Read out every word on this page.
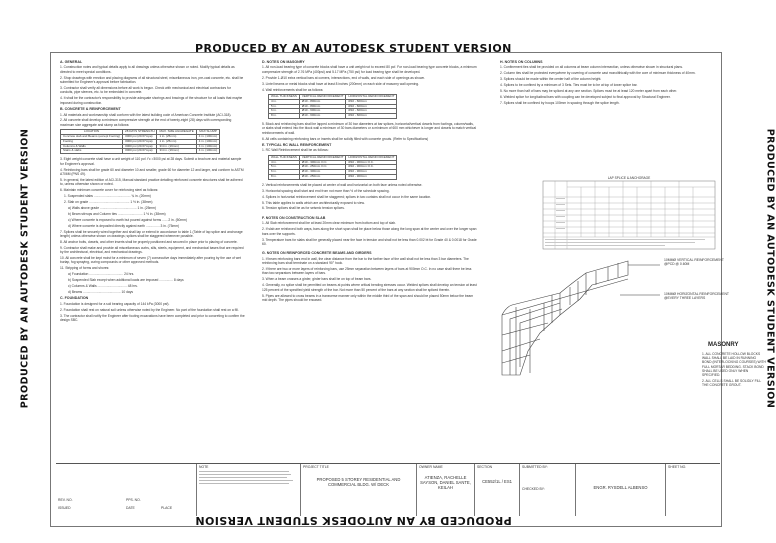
PRODUCED BY AN AUTODESK STUDENT VERSION
PRODUCED BY AN AUTODESK STUDENT VERSION
PRODUCED BY AN AUTODESK STUDENT VERSION	PRODUCED BY AN AUTODESK STUDENT VERSION
A. GENERAL

1. Construction notes and typical details apply to all drawings unless otherwise shown or noted. Modify typical details as directed to meet special conditions.

2. Shop drawings with erection and placing diagrams of all structural steel, miscellaneous iron, pre-cast concrete, etc. shall be submitted for Engineer's approval before fabrication.

3. Contractor shall verify all dimensions before all work is begun. Check with mechanical and electrical contractors for conduits, pipe sleeves, etc. to be embedded in concrete.

4. It shall be the contractor's responsibility to provide adequate shorings and bracings of the structure for all loads that maybe imposed during construction.

B. CONCRETE & REINFORCEMENT

1. All materials and workmanship shall conform with the latest building code of American Concrete Institute (ACI-318).

2. All concrete shall develop a minimum compressive strength at the end of twenty-eight (28) days with corresponding maximum size aggregate and slump as follows:

LOCATION	28 DAYS STRENGTH	MAX. SIZE AGGREGATE	MAX SLUMP
Concrete slab and Beams (except Footing)	3000 psi (20.67mpa)	1 in. (25mm)	4 in. (100mm)
Footing	3000 psi (20.67mpa)	1 in. (25mm)	4 in. (100mm)
Columns & Walls	3000 psi (20.67mpa)	3/4 in. (19mm)	4 in. (100mm)
Stairs & slabs	3000 psi (20.67mpa)	3/4 in. (19mm)	4 in. (100mm)

3. Eight weight concrete shall have a unit weight of 110 pcf. f'c >3000 psi at 28 days. Submit a brochure and material sample for Engineer's approval.

4. Reinforcing bars shall be grade 60 and diameter 10 and smaller, grade 60 for diameter 12 and larger, and conform to ASTM A706M (PNS 49).

5. In general, the latest edition of ACI-315, Manual standard practice detailing reinforced concrete structures shall be adhered to, unless otherwise shown or noted.

6. Maintain minimum concrete cover for reinforcing steel as follows:

1. Suspended slabs ........................................ ¾ in. (20mm)

2. Slab on grade ............................................ 1 ½ in. (38mm)

a) Walls above grade ........................................ 1 in. (25mm)

b) Beam stirrups and Column ties ........................... 1 ½ in. (38mm)

c) Where concrete is exposed to earth but poured against forms ...... 2 in. (50mm)

d) Where concrete is deposited directly against earth ............... 3 in. (75mm)

7. Splices shall be securely wired together and shall lap or extend in accordance to table 1 (Table of lap splice and anchorage length) unless otherwise shown on drawings; splices shall be staggered whenever possible.

8. All anchor bolts, dowels, and other inserts shall be properly positioned and secured in place prior to placing of concrete.

9. Contractor shall make and provide all miscellaneous curbs, sills, steels, equipment, and mechanical bases that are required by the architectural, electrical, and mechanical drawings.

10. All concrete shall be kept moist for a minimum of seven (7) consecutive days immediately after pouring by the use of wet burlap, fog spraying, curing compounds or other approved methods.

11. Stripping of forms and shores:

a) Foundation ..................................... 24 hrs.

b) Suspended Slab except when additional loads are imposed ............... 8 days

c) Columns & Walls ................................ 48 hrs.

d) Beams ......................................... 10 days

C. FOUNDATION

1. Foundation is designed for a soil bearing capacity of 144 kPa (3000 psf).

2. Foundation shall rest on natural soil unless otherwise noted by the Engineer. No part of the foundation shall rest on a fill.

3. The contractor shall notify the Engineer after footing excavations have been completed and prior to concreting to confirm the design SBC.

D. NOTES ON MASONRY

1. All non-load bearing type of concrete blocks shall have a unit weight not to exceed 80 pcf. For non-load bearing type concrete blocks, a minimum compressive strength of 2.76 MPa (400psi) and 5.17 MPa (750 psi) for load bearing type shall be developed.

2. Provide 1-Ø10 extra vertical bars at corners, intersections, end of walls, and each side of openings as shown.

3. Lintel beams or metal blocks shall have at least 8 inches (200mm) on each side of masonry wall opening.

4. Wall reinforcements shall be as follows:

WALL THICKNESS	VERTICAL REINFORCEMENT	HORIZONTAL REINFORCEMENT
4 in.	Ø10 - 800mm	Ø10 - 600mm
5 in.	Ø10 - 800mm	Ø10 - 600mm
6 in.	Ø10 - 600mm	Ø10 - 600mm
8 in.	Ø10 - 600mm	Ø10 - 600mm

5. Block and reinforcing bars shall be lapped a minimum of 30 bar diameters at bar splices, horizontal/vertical dowels from footings, column/walls, or slabs shall extend into the block wall a minimum of 30 bars diameters or a minimum of 600 mm whichever is longer and dowels to match vertical reinforcements of wall.

6. All cells containing reinforcing bars or inserts shall be solidly filled with concrete grouts. (Refer to Specifications)

E. TYPICAL RC WALL REINFORCEMENT

1. RC Wall Reinforcement shall be as follows:

WALL THICKNESS	VERTICAL REINFORCEMENT	HORIZONTAL REINFORCEMENT
4 in.	Ø10 - 300mm O.C.	Ø10 - 300mm O.C.
5 in.	Ø10 - 250mm O.C.	Ø10 - 300mm O.C.
6 in.	Ø10 - 300mm	Ø10 - 300mm
8 in.	Ø10 - 250mm	Ø10 - 300mm

2. Vertical reinforcements shall be placed at center of wall and horizontal on both face unless noted otherwise.

3. Horizontal spacing shall start and end from not more than ½ of the schedule spacing.

4. Splices in horizontal reinforcement shall be staggered; splices in two curtains shall not occur in the same location.

5. This table applies to walls which are architecturally exposed to view.

6. Tension splices shall be as for seismic tension splices.

F. NOTES ON CONSTRUCTION SLAB

1. All Slab reinforcement shall be at least 20mm clear minimum from bottom and top of slab.

2. If slab are reinforced both ways, bars along the short span shall be place below those along the long span at the center and over the longer span bars over the supports.

3. Temperature bars for slabs shall be generally placed near the face in tension and shall not be less than 0.002 bt for Grade 40 & 0.0018 for Grade 60.

G. NOTES ON REINFORCED CONCRETE BEAMS AND GIRDERS

1. If beam reinforcing bars end in wall, the clear distance from the bar to the farther face of the wall shall not be less than 3 bar diameters. The reinforcing bars shall terminate on a standard 90° hook.

2. If there are two or more layers of reinforcing bars, use 25mm separation between layers of bars at 900mm O.C. In no case shall there be less than two separators between layers of bars.

3. When a beam crosses a girder, girder bars shall be on top of beam bars.

4. Generally, no splice shall be permitted on beams at points where critical bending stresses occur. Welded splices shall develop an tension at least 125 percent of the specified yield strength of the bar. Not more than 50 percent of the bars at any section shall be spliced therein.

5. Pipes are allowed to cross beams in a transverse manner only within the middle third of the span and should be placed 50mm below the beam mid depth. The pipes should be encased.

H. NOTES ON COLUMNS

1. Confinement ties shall be provided on all columns at beam column intersection, unless otherwise shown in structural plans.

2. Column ties shall be protected everywhere by covering of concrete cast monolithically with the core of minimum thickness of 40mm.

3. Splices should be made within the center half of the column height.

4. Splices to be confined by a minimum of 3 Sets. Ties must be to be at top of lower splice bar.

5. No more than half of bars may be spliced at any one section. Splices must be at least 120 meter apart from each other.

6. Welded splice for longitudinal bars with coupling can be developed subject to final approval by Structural Engineer.

7. Splices shall be confined by hoops 100mm in spacing through the splice length.

LAP SPLICE & ANCHORAGE
10MMØ VERTICAL REINFORCEMENT @PCD @ 0.60M
10MMØ HORIZONTAL REINFORCEMENT @EVERY THREE LAYERS
MASONRY

1. ALL CONCRETE HOLLOW BLOCKS WALL SHALL BE LAID IN RUNNING BOND (INTERLOCKING COURSES) WITH FULL MORTAR BEDDING. STACK BOND SHALL BE USED ONLY WHEN SPECIFIED.

2. ALL CELLS SHALL BE SOLIDLY FILL THE CONCRETE GROUT.

REV. NO.	PPS. NO.
ISSUED	DATE	PLACE
NOTE	PROJECT TITLE
PROPOSED 5 STOREY RESIDENTIAL AND COMMERCIAL BLDG. W/ DECK
OWNER NAME
ATIENZA, RACHELLE SAYSON, DANIEL SANTE, KEILAH
SECTION
CE552/1L / ES1
SUBMITTED BY:
CHECKED BY:	ENGR. RYSDELL ALBENSO
SHEET NO.
